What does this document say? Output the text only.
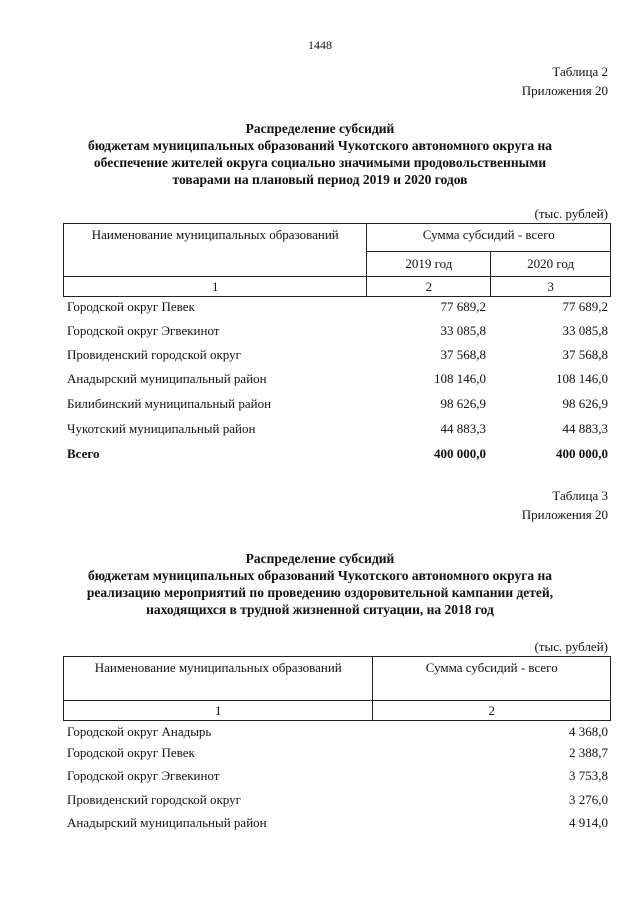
1448
Таблица 2
Приложения 20
Распределение субсидий
бюджетам муниципальных образований Чукотского автономного округа на
обеспечение жителей округа социально значимыми продовольственными
товарами на плановый период 2019 и 2020 годов
(тыс. рублей)
Наименование муниципальных образований	Сумма субсидий - всего	
	2019 год	2020 год
1	2	3
Городской округ Певек	77 689,2	77 689,2
Городской округ Эгвекинот	33 085,8	33 085,8
Провиденский городской округ	37 568,8	37 568,8
Анадырский муниципальный район	108 146,0	108 146,0
Билибинский муниципальный район	98 626,9	98 626,9
Чукотский муниципальный район	44 883,3	44 883,3
Всего	400 000,0	400 000,0
Таблица 3
Приложения 20
Распределение субсидий
бюджетам муниципальных образований Чукотского автономного округа на
реализацию мероприятий по проведению оздоровительной кампании детей,
находящихся в трудной жизненной ситуации, на 2018 год
(тыс. рублей)
Наименование муниципальных образований	Сумма субсидий - всего
1	2
Городской округ Анадырь	4 368,0
Городской округ Певек	2 388,7
Городской округ Эгвекинот	3 753,8
Провиденский городской округ	3 276,0
Анадырский муниципальный район	4 914,0
